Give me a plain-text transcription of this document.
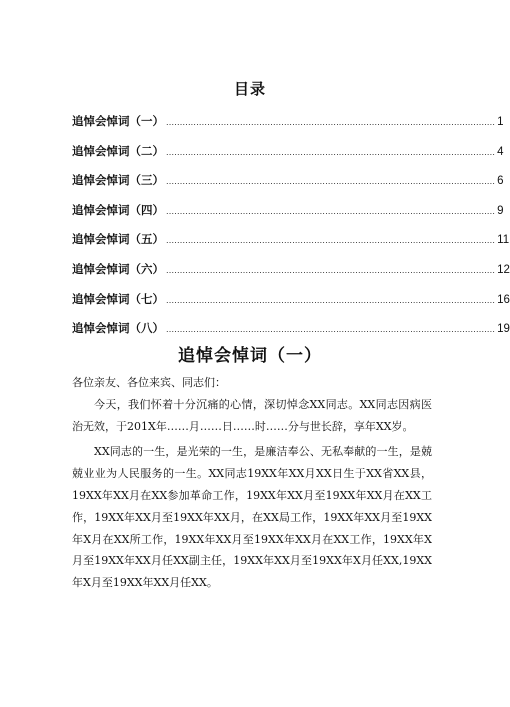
目录
追悼会悼词（一） ........................................................................................................................ 1
追悼会悼词（二） ........................................................................................................................ 4
追悼会悼词（三） ........................................................................................................................ 6
追悼会悼词（四） ........................................................................................................................ 9
追悼会悼词（五） ........................................................................................................................ 11
追悼会悼词（六） ........................................................................................................................ 12
追悼会悼词（七） ........................................................................................................................ 16
追悼会悼词（八） ........................................................................................................................ 19
追悼会悼词（一）

各位亲友、各位来宾、同志们：

今天，我们怀着十分沉痛的心情，深切悼念XX同志。XX同志因病医治无效，于201X年……月……日……时……分与世长辞，享年XX岁。

XX同志的一生，是光荣的一生，是廉洁奉公、无私奉献的一生，是兢兢业业为人民服务的一生。XX同志19XX年XX月XX日生于XX省XX县，19XX年XX月在XX参加革命工作，19XX年XX月至19XX年XX月在XX工作，19XX年XX月至19XX年XX月，在XX局工作，19XX年XX月至19XX年X月在XX所工作，19XX年XX月至19XX年XX月在XX工作，19XX年X月至19XX年XX月任XX副主任，19XX年XX月至19XX年X月任XX,19XX年X月至19XX年XX月任XX。
